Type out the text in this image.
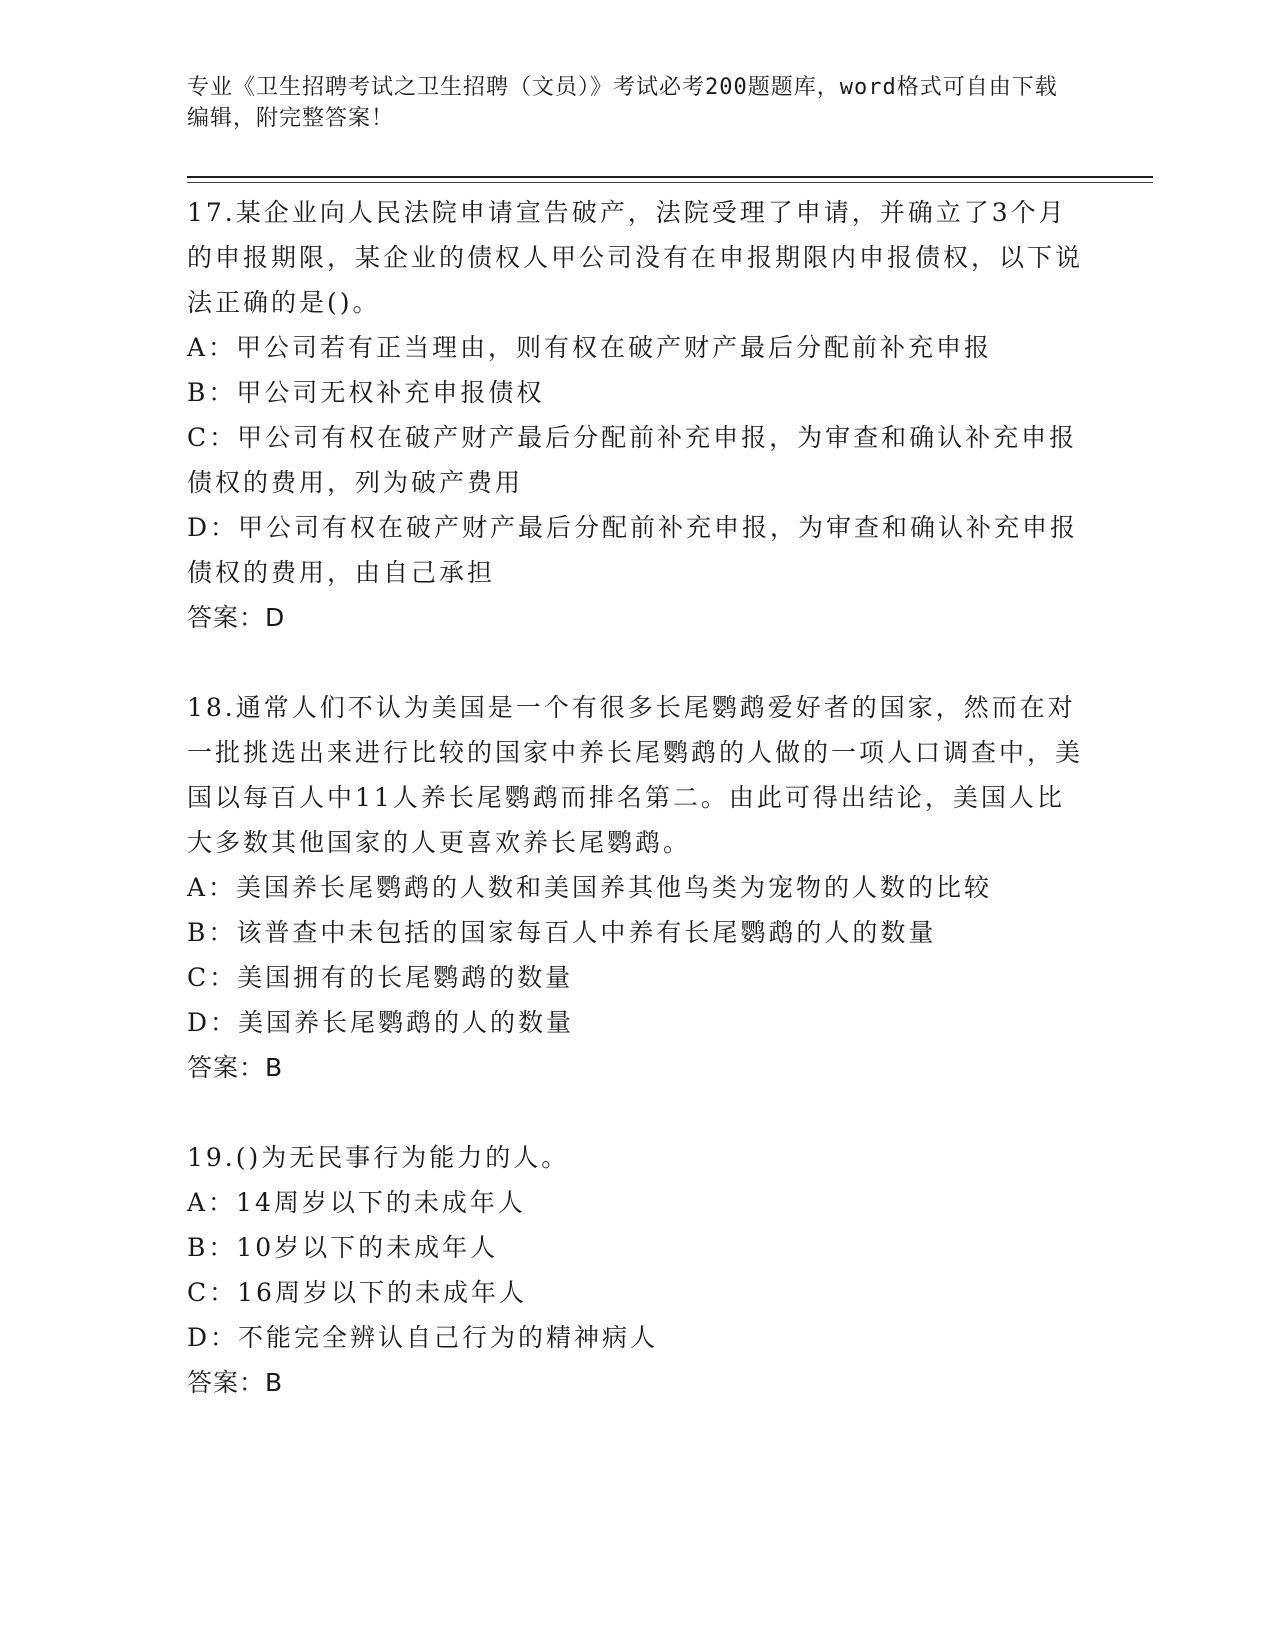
专业《卫生招聘考试之卫生招聘（文员）》考试必考200题题库，word格式可自由下载编辑，附完整答案！

17.某企业向人民法院申请宣告破产，法院受理了申请，并确立了3个月的申报期限，某企业的债权人甲公司没有在申报期限内申报债权，以下说法正确的是()。

A：甲公司若有正当理由，则有权在破产财产最后分配前补充申报

B：甲公司无权补充申报债权

C：甲公司有权在破产财产最后分配前补充申报，为审查和确认补充申报债权的费用，列为破产费用

D：甲公司有权在破产财产最后分配前补充申报，为审查和确认补充申报债权的费用，由自己承担

答案：D

18.通常人们不认为美国是一个有很多长尾鹦鹉爱好者的国家，然而在对一批挑选出来进行比较的国家中养长尾鹦鹉的人做的一项人口调查中，美国以每百人中11人养长尾鹦鹉而排名第二。由此可得出结论，美国人比大多数其他国家的人更喜欢养长尾鹦鹉。

A：美国养长尾鹦鹉的人数和美国养其他鸟类为宠物的人数的比较

B：该普查中未包括的国家每百人中养有长尾鹦鹉的人的数量

C：美国拥有的长尾鹦鹉的数量

D：美国养长尾鹦鹉的人的数量

答案：B

19.()为无民事行为能力的人。

A：14周岁以下的未成年人

B：10岁以下的未成年人

C：16周岁以下的未成年人

D：不能完全辨认自己行为的精神病人

答案：B
